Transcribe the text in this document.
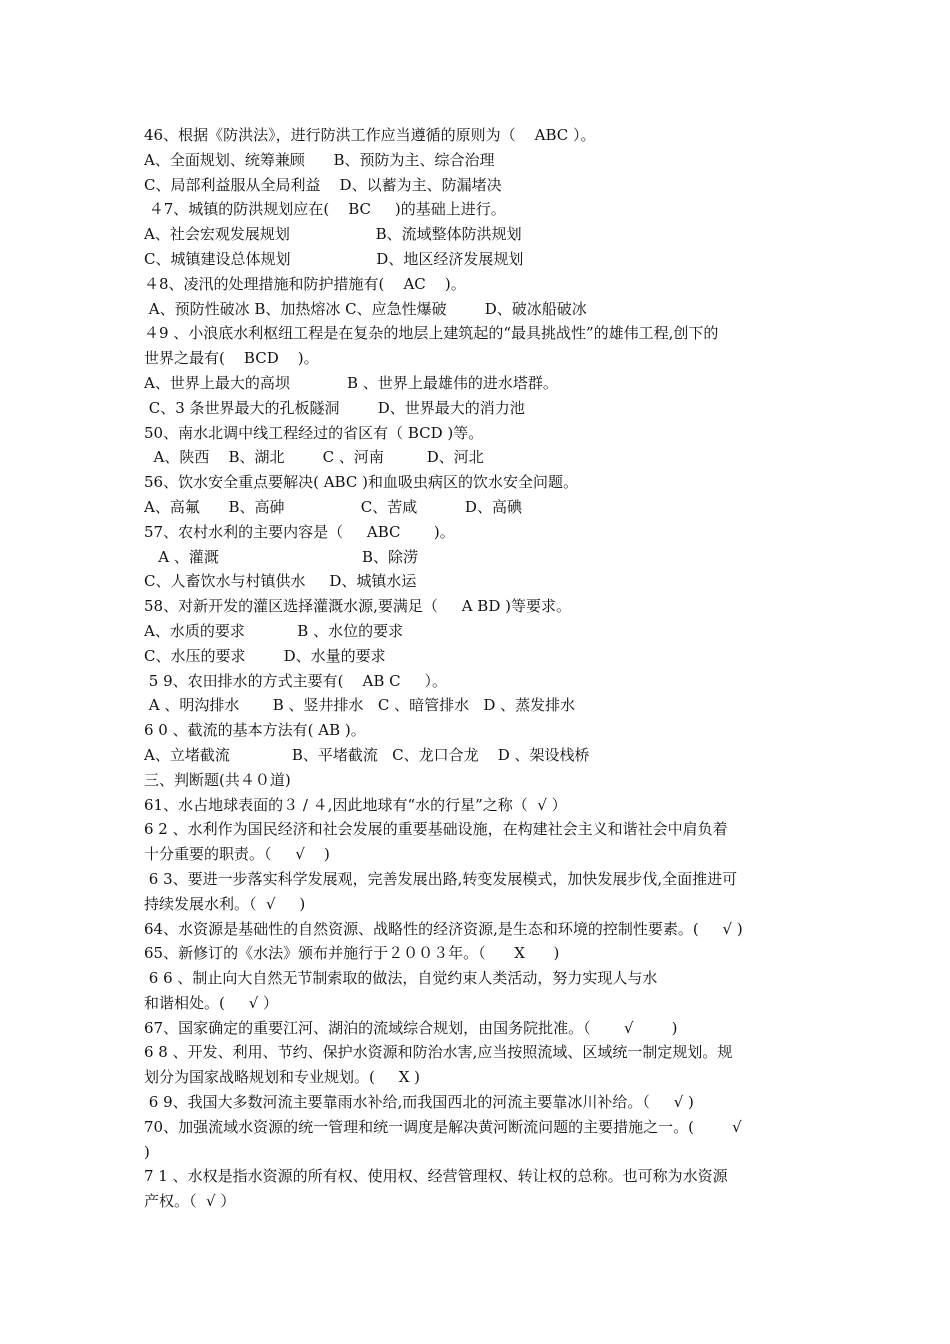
46、根据《防洪法》，进行防洪工作应当遵循的原则为（    ABC ）。
A、全面规划、统筹兼顾      B、预防为主、综合治理
C、局部利益服从全局利益    D、以蓄为主、防漏堵决
４7、城镇的防洪规划应在(    BC     )的基础上进行。
A、社会宏观发展规划                  B、流域整体防洪规划
C、城镇建设总体规划                  D、地区经济发展规划
４8、凌汛的处理措施和防护措施有(    AC    )。
A、预防性破冰 B、加热熔冰 C、应急性爆破        D、破冰船破冰
４9 、小浪底水利枢纽工程是在复杂的地层上建筑起的“最具挑战性”的雄伟工程,创下的
世界之最有(    BCD    )。
A、世界上最大的高坝            B 、世界上最雄伟的进水塔群。
C、3 条世界最大的孔板隧洞        D、世界最大的消力池
50、南水北调中线工程经过的省区有（ BCD )等。
A、陕西    B、湖北        C 、河南         D、河北
56、饮水安全重点要解决( ABC )和血吸虫病区的饮水安全问题。
A、高氟      B、高砷                C、苦咸          D、高碘
57、农村水利的主要内容是（     ABC       )。
A 、灌溉                              B、除涝
C、人畜饮水与村镇供水     D、城镇水运
58、对新开发的灌区选择灌溉水源,要满足（     A BD )等要求。
A、水质的要求           B 、水位的要求
C、水压的要求        D、水量的要求
5 9、农田排水的方式主要有(    AB C     ）。
A 、明沟排水       B 、竖井排水   C 、暗管排水   D 、蒸发排水
6 0 、截流的基本方法有( AB )。
A、立堵截流             B、平堵截流   C、龙口合龙    D 、架设栈桥
三、判断题(共４０道)
61、水占地球表面的３ / ４,因此地球有“水的行星”之称（  √ ）
6 2 、水利作为国民经济和社会发展的重要基础设施，在构建社会主义和谐社会中肩负着
十分重要的职责。（     √    )
6 3、要进一步落实科学发展观，完善发展出路,转变发展模式，加快发展步伐,全面推进可
持续发展水利。（  √     )
64、水资源是基础性的自然资源、战略性的经济资源,是生态和环境的控制性要素。(     √ )
65、新修订的《水法》颁布并施行于２００３年。（      X      )
6 6 、制止向大自然无节制索取的做法，自觉约束人类活动，努力实现人与水
和谐相处。(     √ ）
67、国家确定的重要江河、湖泊的流域综合规划，由国务院批准。（       √        )
6 8 、开发、利用、节约、保护水资源和防治水害,应当按照流域、区域统一制定规划。规
划分为国家战略规划和专业规划。(     X )
6 9、我国大多数河流主要靠雨水补给,而我国西北的河流主要靠冰川补给。（     √ )
70、加强流域水资源的统一管理和统一调度是解决黄河断流问题的主要措施之一。(        √
)
7 1 、水权是指水资源的所有权、使用权、经营管理权、转让权的总称。也可称为水资源
产权。（  √ ）
